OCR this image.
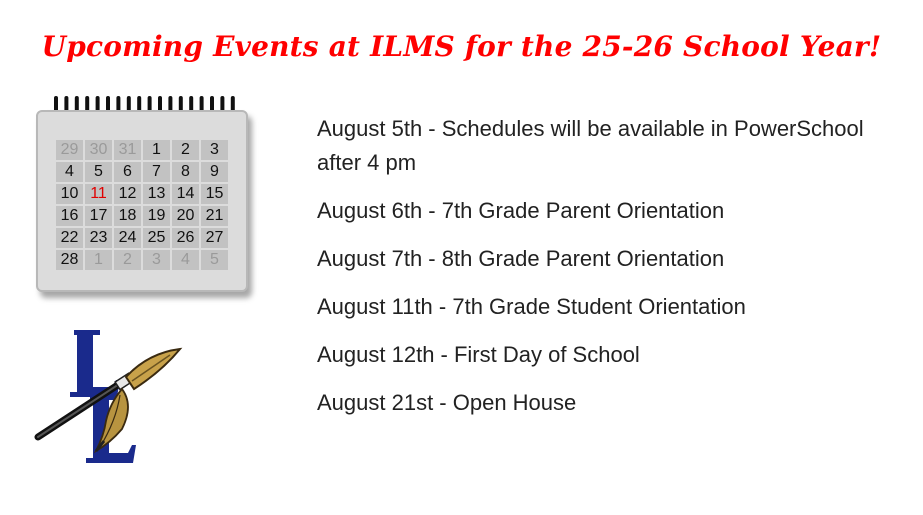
Upcoming Events at ILMS for the 25-26 School Year!
29 30 31 1	2	3
4	5	6	7	8	9
10 11 12 13 14 15
16 17 18 19 20 21
22 23 24 25 26 27
28 1	2	3	4	5
August 5th - Schedules will be available in PowerSchool after 4 pm
August 6th - 7th Grade Parent Orientation
August 7th - 8th Grade Parent Orientation
August 11th - 7th Grade Student Orientation
August 12th - First Day of School
August 21st - Open House
